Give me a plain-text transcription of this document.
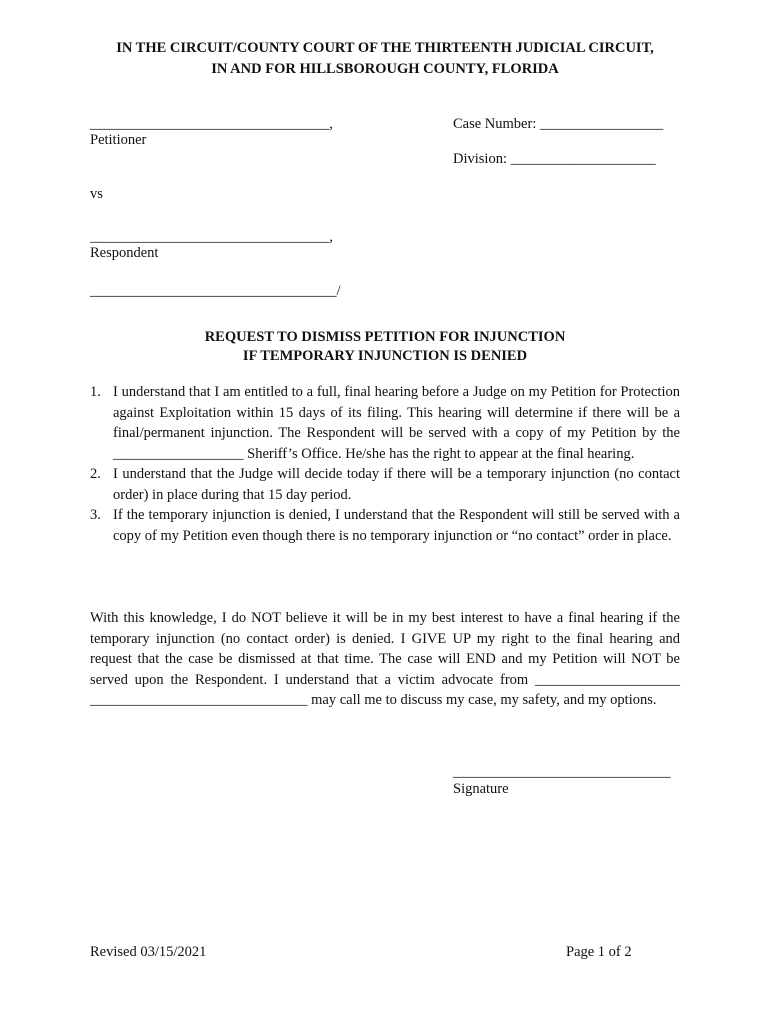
IN THE CIRCUIT/COUNTY COURT OF THE THIRTEENTH JUDICIAL CIRCUIT,
IN AND FOR HILLSBOROUGH COUNTY, FLORIDA
_________________________________,
Petitioner
Case Number: _________________
Division: ____________________
vs
_________________________________,
Respondent
__________________________________/
REQUEST TO DISMISS PETITION FOR INJUNCTION
IF TEMPORARY INJUNCTION IS DENIED
1. I understand that I am entitled to a full, final hearing before a Judge on my Petition for Protection against Exploitation within 15 days of its filing. This hearing will determine if there will be a final/permanent injunction. The Respondent will be served with a copy of my Petition by the __________________ Sheriff’s Office. He/she has the right to appear at the final hearing.
2. I understand that the Judge will decide today if there will be a temporary injunction (no contact order) in place during that 15 day period.
3. If the temporary injunction is denied, I understand that the Respondent will still be served with a copy of my Petition even though there is no temporary injunction or “no contact” order in place.
With this knowledge, I do NOT believe it will be in my best interest to have a final hearing if the temporary injunction (no contact order) is denied. I GIVE UP my right to the final hearing and request that the case be dismissed at that time. The case will END and my Petition will NOT be served upon the Respondent. I understand that a victim advocate from ____________________ ______________________________ may call me to discuss my case, my safety, and my options.
______________________________
Signature
Revised 03/15/2021	Page 1 of 2
